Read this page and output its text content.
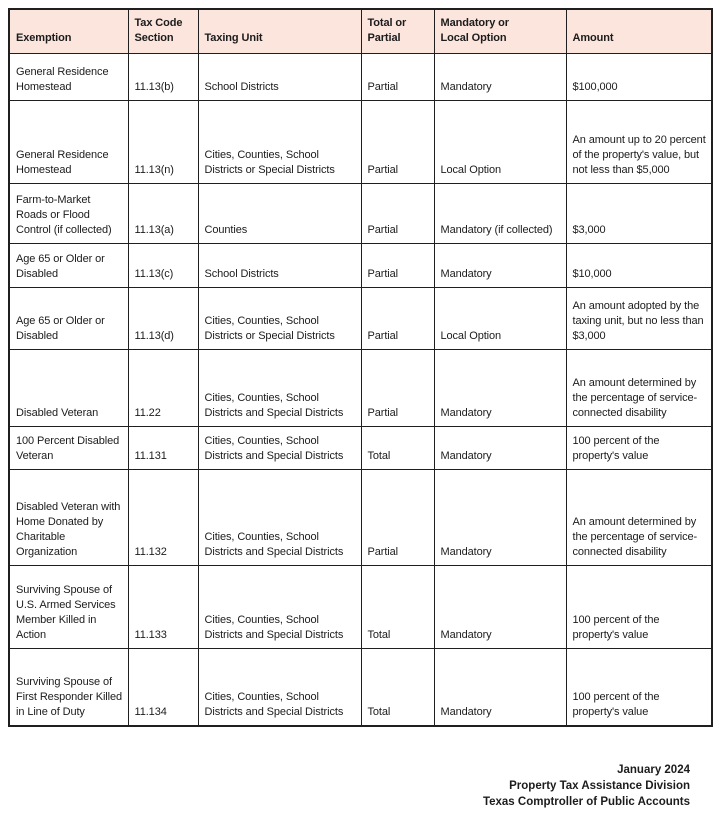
Exemption	Tax Code Section	Taxing Unit	Total or Partial	Mandatory or Local Option	Amount
General Residence Homestead	11.13(b)	School Districts	Partial	Mandatory	$100,000
General Residence Homestead	11.13(n)	Cities, Counties, School Districts or Special Districts	Partial	Local Option	An amount up to 20 percent of the property's value, but not less than $5,000
Farm-to-Market Roads or Flood Control (if collected)	11.13(a)	Counties	Partial	Mandatory (if collected)	$3,000
Age 65 or Older or Disabled	11.13(c)	School Districts	Partial	Mandatory	$10,000
Age 65 or Older or Disabled	11.13(d)	Cities, Counties, School Districts or Special Districts	Partial	Local Option	An amount adopted by the taxing unit, but no less than $3,000
Disabled Veteran	11.22	Cities, Counties, School Districts and Special Districts	Partial	Mandatory	An amount determined by the percentage of service-connected disability
100 Percent Disabled Veteran	11.131	Cities, Counties, School Districts and Special Districts	Total	Mandatory	100 percent of the property's value
Disabled Veteran with Home Donated by Charitable Organization	11.132	Cities, Counties, School Districts and Special Districts	Partial	Mandatory	An amount determined by the percentage of service-connected disability
Surviving Spouse of U.S. Armed Services Member Killed in Action	11.133	Cities, Counties, School Districts and Special Districts	Total	Mandatory	100 percent of the property's value
Surviving Spouse of First Responder Killed in Line of Duty	11.134	Cities, Counties, School Districts and Special Districts	Total	Mandatory	100 percent of the property's value
January 2024
Property Tax Assistance Division
Texas Comptroller of Public Accounts
